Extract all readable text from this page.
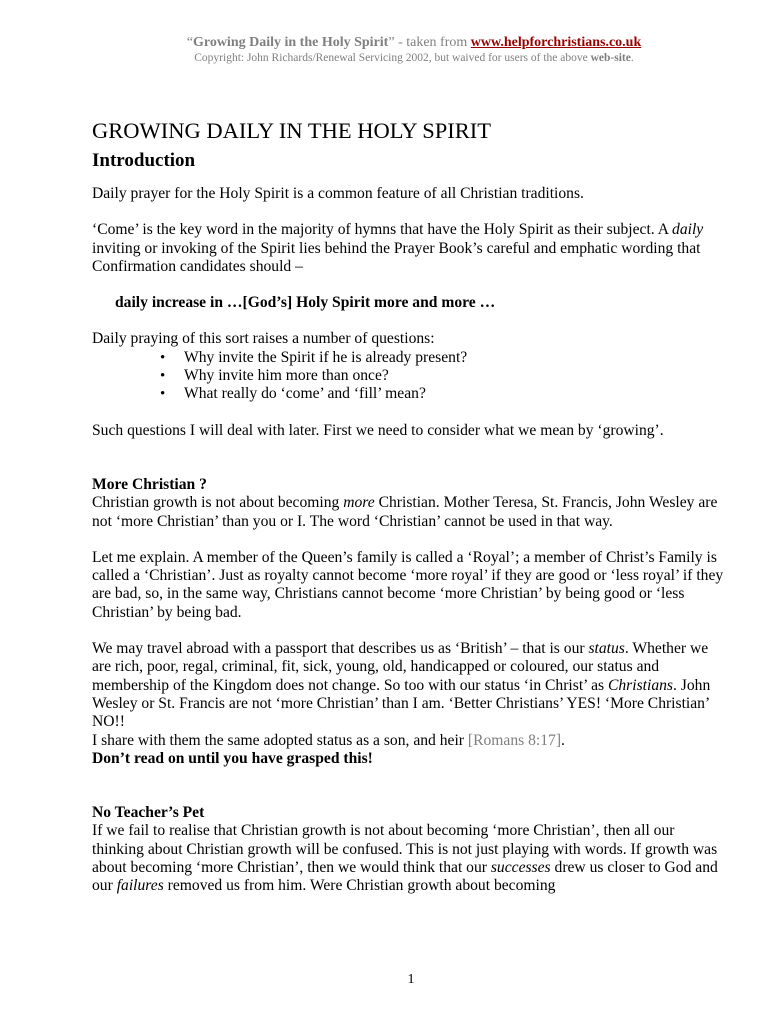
“Growing Daily in the Holy Spirit” - taken from www.helpforchristians.co.uk
Copyright: John Richards/Renewal Servicing 2002, but waived for users of the above web-site.
GROWING DAILY IN THE HOLY SPIRIT
Introduction

Daily prayer for the Holy Spirit is a common feature of all Christian traditions.

‘Come’ is the key word in the majority of hymns that have the Holy Spirit as their subject. A daily inviting or invoking of the Spirit lies behind the Prayer Book’s careful and emphatic wording that Confirmation candidates should –

daily increase in …[God’s] Holy Spirit more and more …

Daily praying of this sort raises a number of questions:

• Why invite the Spirit if he is already present?
• Why invite him more than once?
• What really do ‘come’ and ‘fill’ mean?

Such questions I will deal with later. First we need to consider what we mean by ‘growing’.

More Christian ?

Christian growth is not about becoming more Christian. Mother Teresa, St. Francis, John Wesley are not ‘more Christian’ than you or I. The word ‘Christian’ cannot be used in that way.

Let me explain. A member of the Queen’s family is called a ‘Royal’; a member of Christ’s Family is called a ‘Christian’. Just as royalty cannot become ‘more royal’ if they are good or ‘less royal’ if they are bad, so, in the same way, Christians cannot become ‘more Christian’ by being good or ‘less Christian’ by being bad.

We may travel abroad with a passport that describes us as ‘British’ – that is our status. Whether we are rich, poor, regal, criminal, fit, sick, young, old, handicapped or coloured, our status and membership of the Kingdom does not change. So too with our status ‘in Christ’ as Christians. John Wesley or St. Francis are not ‘more Christian’ than I am. ‘Better Christians’ YES! ‘More Christian’ NO!!

I share with them the same adopted status as a son, and heir [Romans 8:17].

Don’t read on until you have grasped this!

No Teacher’s Pet

If we fail to realise that Christian growth is not about becoming ‘more Christian’, then all our thinking about Christian growth will be confused. This is not just playing with words. If growth was about becoming ‘more Christian’, then we would think that our successes drew us closer to God and our failures removed us from him. Were Christian growth about becoming

1
